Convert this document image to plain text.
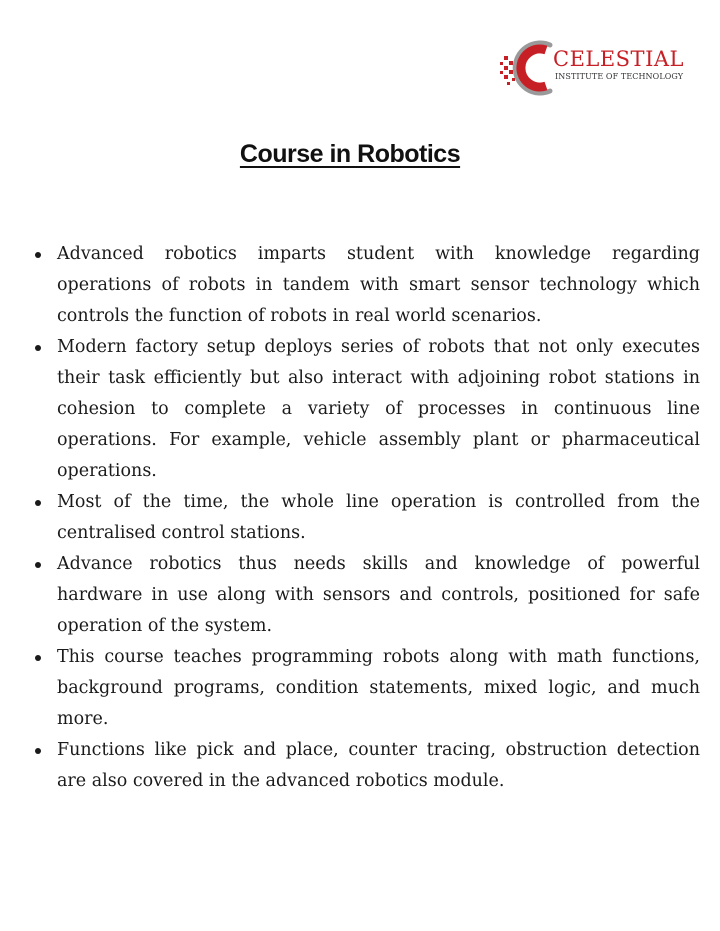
CELESTIAL
INSTITUTE OF TECHNOLOGY
Course in Robotics
Advanced robotics imparts student with knowledge regarding operations of robots in tandem with smart sensor technology which controls the function of robots in real world scenarios.
Modern factory setup deploys series of robots that not only executes their task efficiently but also interact with adjoining robot stations in cohesion to complete a variety of processes in continuous line operations. For example, vehicle assembly plant or pharmaceutical operations.
Most of the time, the whole line operation is controlled from the centralised control stations.
Advance robotics thus needs skills and knowledge of powerful hardware in use along with sensors and controls, positioned for safe operation of the system.
This course teaches programming robots along with math functions, background programs, condition statements, mixed logic, and much more.
Functions like pick and place, counter tracing, obstruction detection are also covered in the advanced robotics module.
